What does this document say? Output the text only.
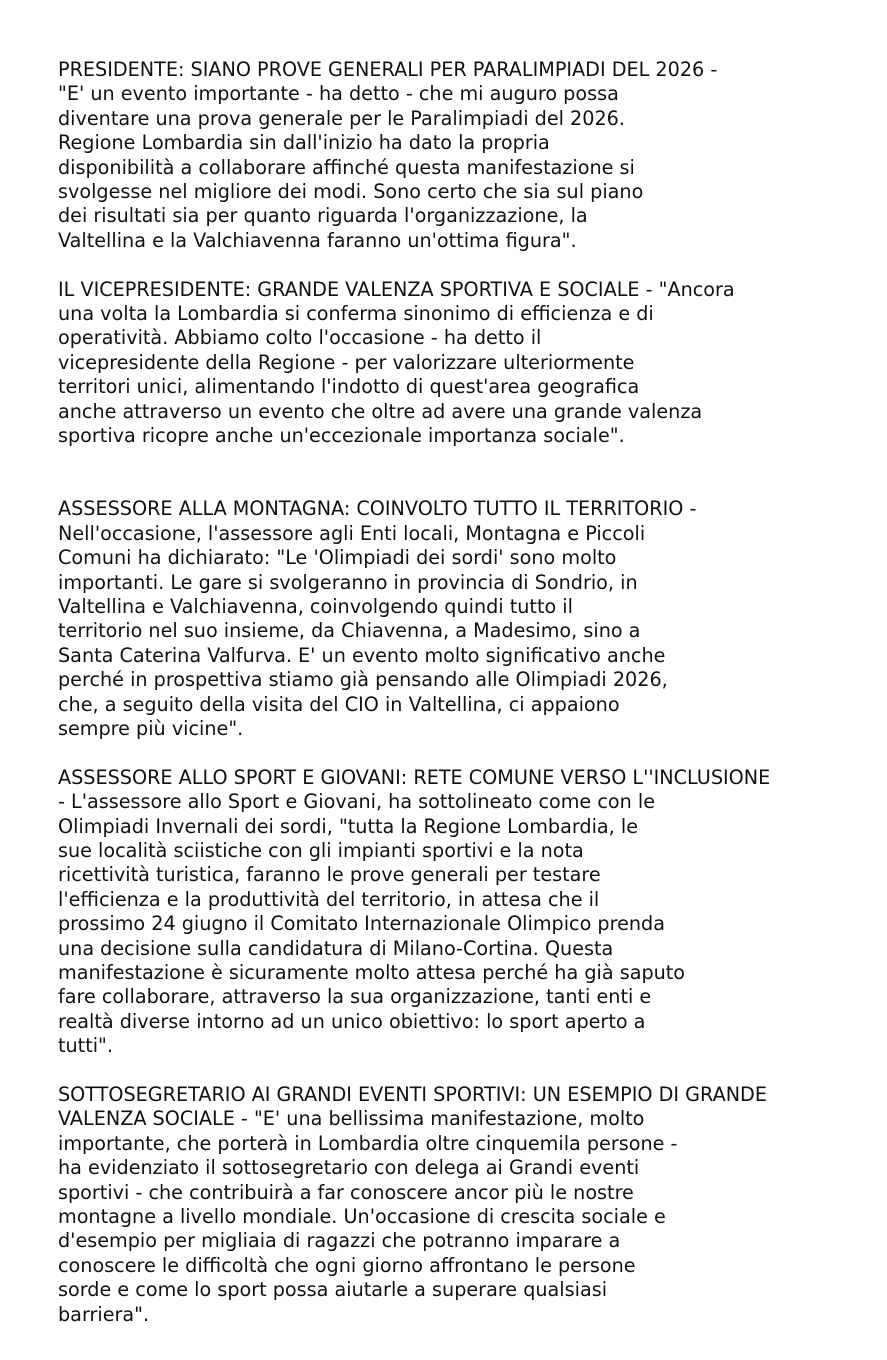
PRESIDENTE: SIANO PROVE GENERALI PER PARALIMPIADI DEL 2026 -
"E' un evento importante - ha detto - che mi auguro possa
diventare una prova generale per le Paralimpiadi del 2026.
Regione Lombardia sin dall'inizio ha dato la propria
disponibilità a collaborare affinché questa manifestazione si
svolgesse nel migliore dei modi. Sono certo che sia sul piano
dei risultati sia per quanto riguarda l'organizzazione, la
Valtellina e la Valchiavenna faranno un'ottima figura".
IL VICEPRESIDENTE: GRANDE VALENZA SPORTIVA E SOCIALE - "Ancora
una volta la Lombardia si conferma sinonimo di efficienza e di
operatività. Abbiamo colto l'occasione - ha detto il
vicepresidente della Regione - per valorizzare ulteriormente
territori unici, alimentando l'indotto di quest'area geografica
anche attraverso un evento che oltre ad avere una grande valenza
sportiva ricopre anche un'eccezionale importanza sociale".
ASSESSORE ALLA MONTAGNA: COINVOLTO TUTTO IL TERRITORIO -
Nell'occasione, l'assessore agli Enti locali, Montagna e Piccoli
Comuni ha dichiarato: "Le 'Olimpiadi dei sordi' sono molto
importanti. Le gare si svolgeranno in provincia di Sondrio, in
Valtellina e Valchiavenna, coinvolgendo quindi tutto il
territorio nel suo insieme, da Chiavenna, a Madesimo, sino a
Santa Caterina Valfurva. E' un evento molto significativo anche
perché in prospettiva stiamo già pensando alle Olimpiadi 2026,
che, a seguito della visita del CIO in Valtellina, ci appaiono
sempre più vicine".
ASSESSORE ALLO SPORT E GIOVANI: RETE COMUNE VERSO L''INCLUSIONE
- L'assessore allo Sport e Giovani, ha sottolineato come con le
Olimpiadi Invernali dei sordi, "tutta la Regione Lombardia, le
sue località sciistiche con gli impianti sportivi e la nota
ricettività turistica, faranno le prove generali per testare
l'efficienza e la produttività del territorio, in attesa che il
prossimo 24 giugno il Comitato Internazionale Olimpico prenda
una decisione sulla candidatura di Milano-Cortina. Questa
manifestazione è sicuramente molto attesa perché ha già saputo
fare collaborare, attraverso la sua organizzazione, tanti enti e
realtà diverse intorno ad un unico obiettivo: lo sport aperto a
tutti".
SOTTOSEGRETARIO AI GRANDI EVENTI SPORTIVI: UN ESEMPIO DI GRANDE
VALENZA SOCIALE - "E' una bellissima manifestazione, molto
importante, che porterà in Lombardia oltre cinquemila persone -
ha evidenziato il sottosegretario con delega ai Grandi eventi
sportivi - che contribuirà a far conoscere ancor più le nostre
montagne a livello mondiale. Un'occasione di crescita sociale e
d'esempio per migliaia di ragazzi che potranno imparare a
conoscere le difficoltà che ogni giorno affrontano le persone
sorde e come lo sport possa aiutarle a superare qualsiasi
barriera".
